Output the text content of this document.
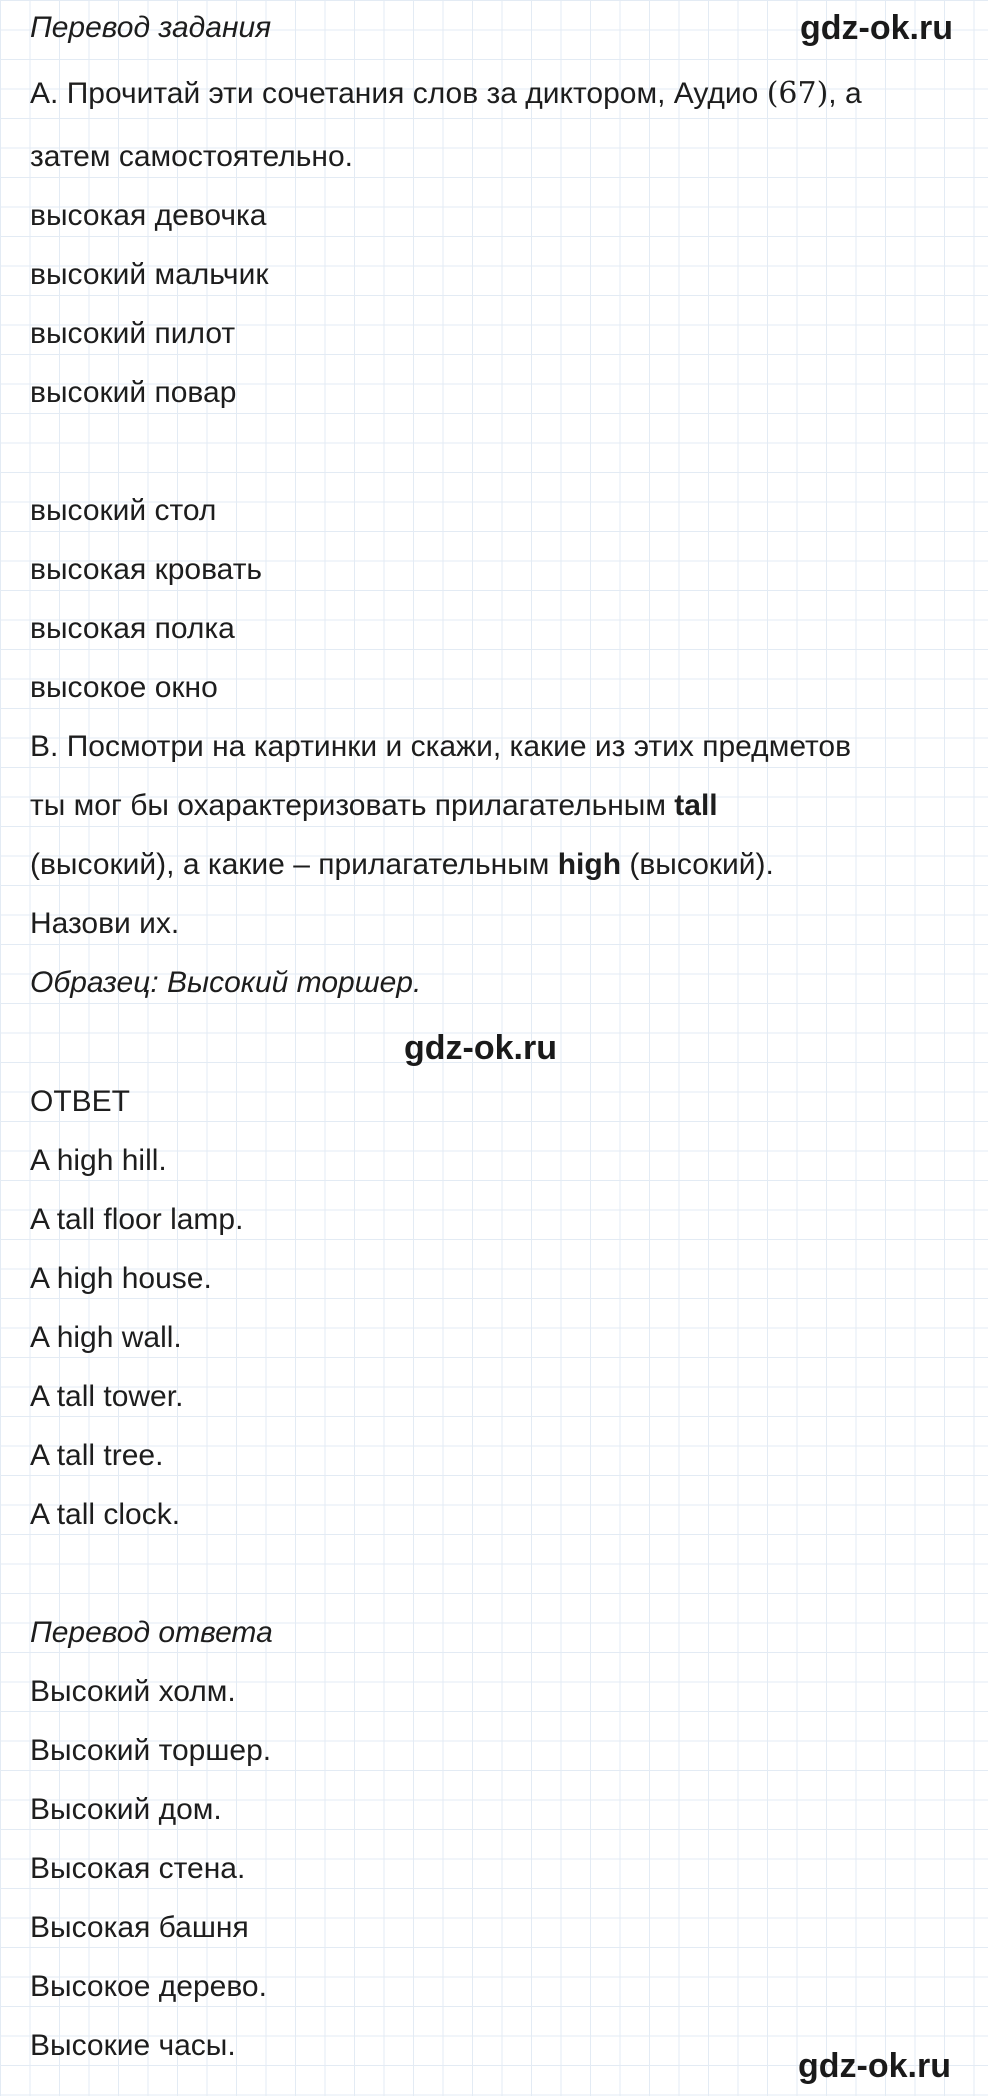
Перевод задания	gdz-ok.ru
A. Прочитай эти сочетания слов за диктором, Аудио (67), а
затем самостоятельно.
высокая девочка
высокий мальчик
высокий пилот
высокий повар
высокий стол
высокая кровать
высокая полка
высокое окно
B. Посмотри на картинки и скажи, какие из этих предметов
ты мог бы охарактеризовать прилагательным tall
(высокий), а какие – прилагательным high (высокий).
Назови их.
Образец: Высокий торшер.
gdz-ok.ru
ОТВЕТ
A high hill.
A tall floor lamp.
A high house.
A high wall.
A tall tower.
A tall tree.
A tall clock.
Перевод ответа
Высокий холм.
Высокий торшер.
Высокий дом.
Высокая стена.
Высокая башня
Высокое дерево.
Высокие часы.
gdz-ok.ru
